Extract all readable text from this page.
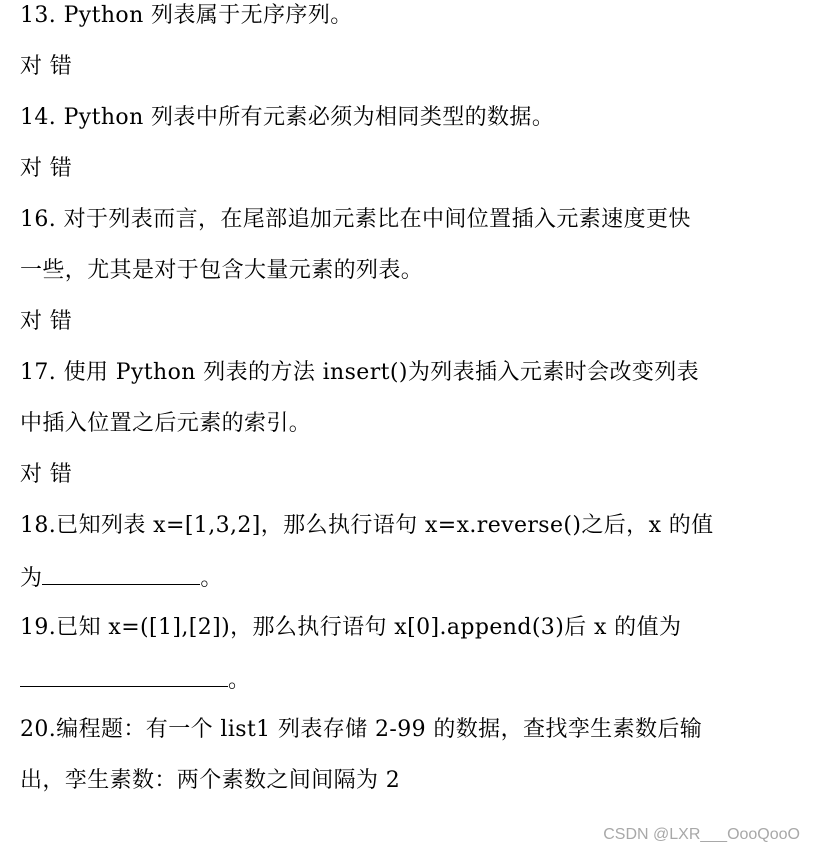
13. Python 列表属于无序序列。
对 错
14. Python 列表中所有元素必须为相同类型的数据。
对 错
16. 对于列表而言，在尾部追加元素比在中间位置插入元素速度更快
一些，尤其是对于包含大量元素的列表。
对 错
17. 使用 Python 列表的方法 insert()为列表插入元素时会改变列表
中插入位置之后元素的索引。
对 错
18.已知列表 x=[1,3,2]，那么执行语句 x=x.reverse()之后，x 的值
为	。
19.已知 x=([1],[2])，那么执行语句 x[0].append(3)后 x 的值为
。
20.编程题：有一个 list1 列表存储 2-99 的数据，查找孪生素数后输
出，孪生素数：两个素数之间间隔为 2
CSDN @LXR___OooQooO
